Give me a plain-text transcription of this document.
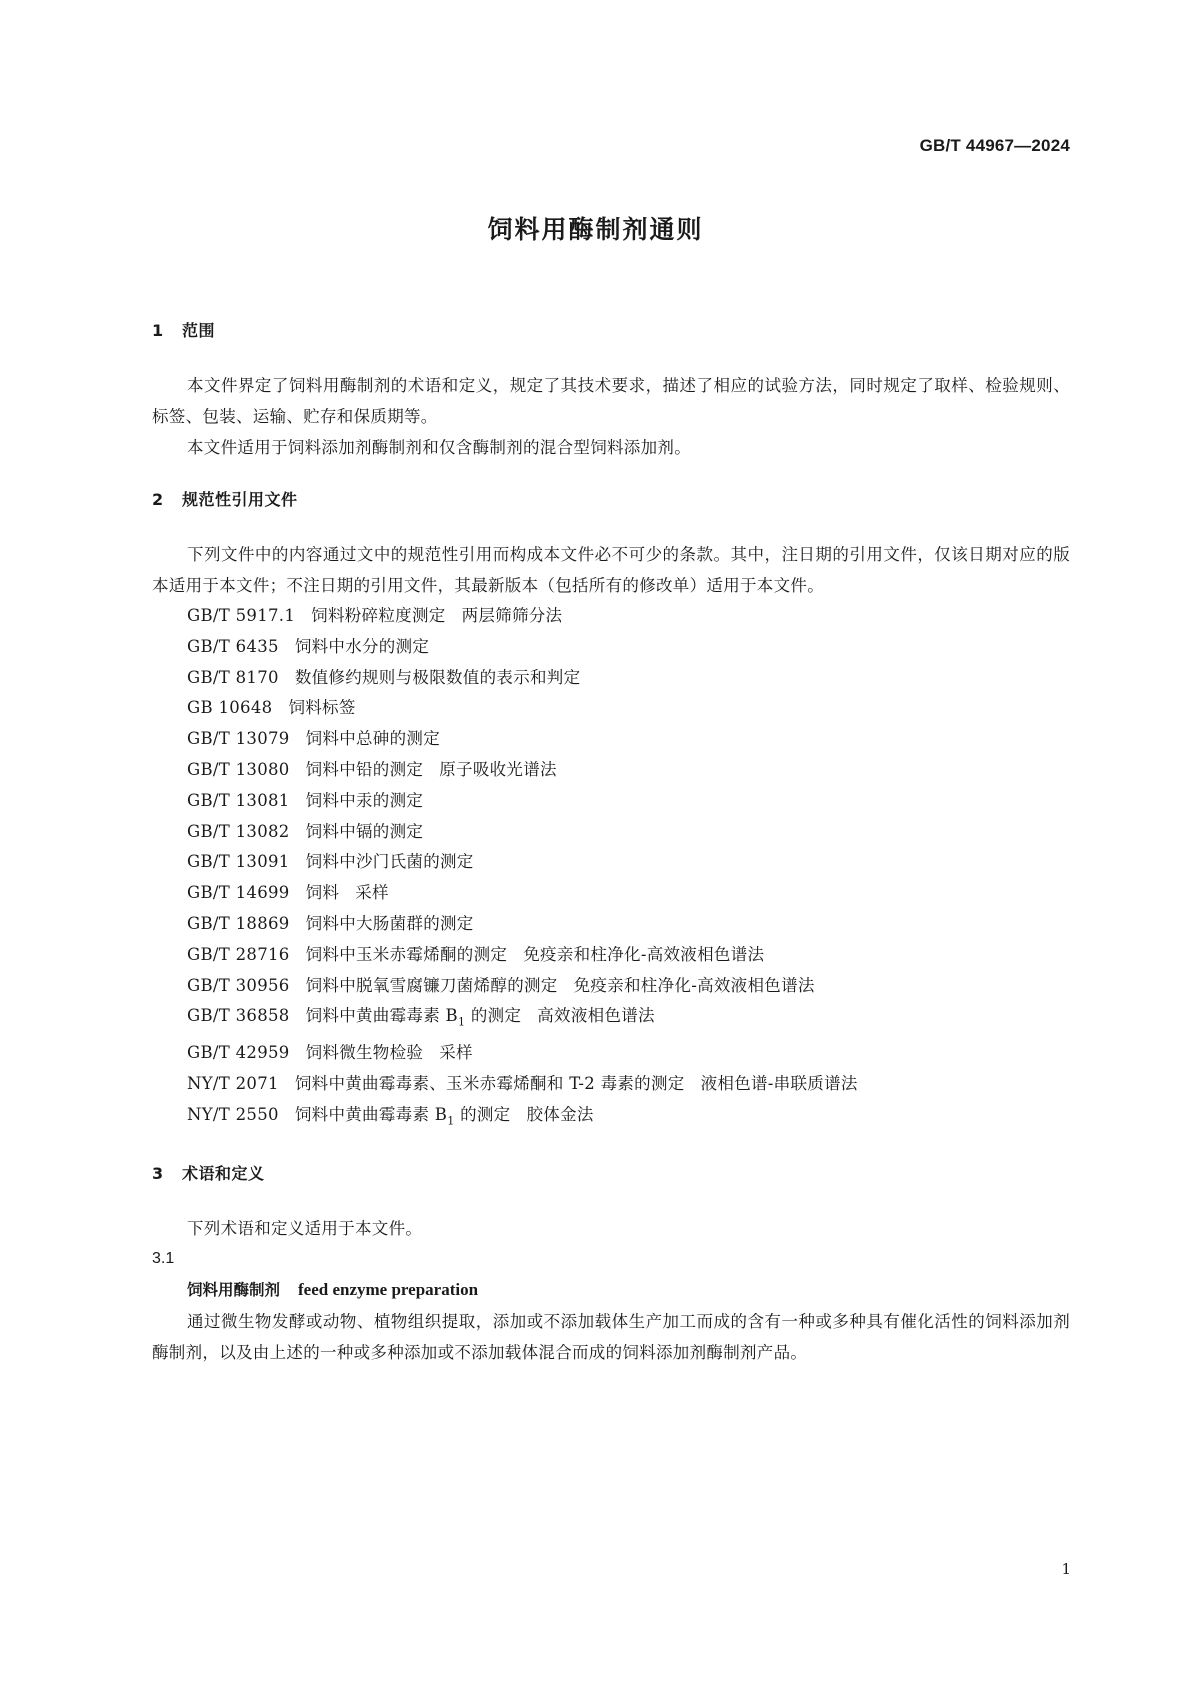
GB/T 44967—2024
饲料用酶制剂通则
1 范围

本文件界定了饲料用酶制剂的术语和定义，规定了其技术要求，描述了相应的试验方法，同时规定了取样、检验规则、标签、包装、运输、贮存和保质期等。

本文件适用于饲料添加剂酶制剂和仅含酶制剂的混合型饲料添加剂。

2 规范性引用文件

下列文件中的内容通过文中的规范性引用而构成本文件必不可少的条款。其中，注日期的引用文件，仅该日期对应的版本适用于本文件；不注日期的引用文件，其最新版本（包括所有的修改单）适用于本文件。

GB/T 5917.1 饲料粉碎粒度测定 两层筛筛分法
GB/T 6435 饲料中水分的测定
GB/T 8170 数值修约规则与极限数值的表示和判定
GB 10648 饲料标签
GB/T 13079 饲料中总砷的测定
GB/T 13080 饲料中铅的测定 原子吸收光谱法
GB/T 13081 饲料中汞的测定
GB/T 13082 饲料中镉的测定
GB/T 13091 饲料中沙门氏菌的测定
GB/T 14699 饲料 采样
GB/T 18869 饲料中大肠菌群的测定
GB/T 28716 饲料中玉米赤霉烯酮的测定 免疫亲和柱净化-高效液相色谱法
GB/T 30956 饲料中脱氧雪腐镰刀菌烯醇的测定 免疫亲和柱净化-高效液相色谱法
GB/T 36858 饲料中黄曲霉毒素 $B_1$ 的测定 高效液相色谱法
GB/T 42959 饲料微生物检验 采样
NY/T 2071 饲料中黄曲霉毒素、玉米赤霉烯酮和 T-2 毒素的测定 液相色谱-串联质谱法
NY/T 2550 饲料中黄曲霉毒素 $B_1$ 的测定 胶体金法
3 术语和定义

下列术语和定义适用于本文件。

3.1
饲料用酶制剂 feed enzyme preparation

通过微生物发酵或动物、植物组织提取，添加或不添加载体生产加工而成的含有一种或多种具有催化活性的饲料添加剂酶制剂，以及由上述的一种或多种添加或不添加载体混合而成的饲料添加剂酶制剂产品。

1
